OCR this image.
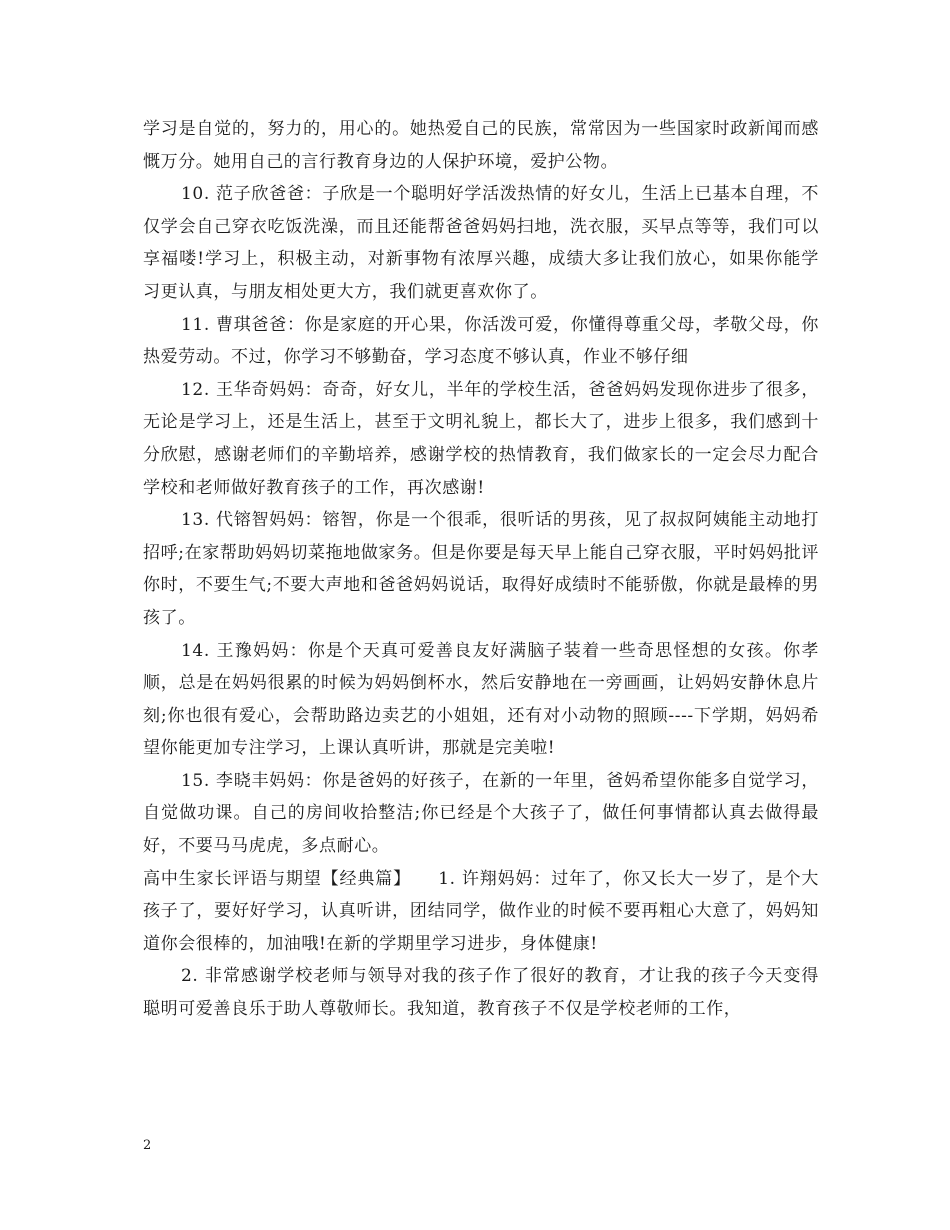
学习是自觉的，努力的，用心的。她热爱自己的民族，常常因为一些国家时政新闻而感慨万分。她用自己的言行教育身边的人保护环境，爱护公物。

10. 范子欣爸爸：子欣是一个聪明好学活泼热情的好女儿，生活上已基本自理，不仅学会自己穿衣吃饭洗澡，而且还能帮爸爸妈妈扫地，洗衣服，买早点等等，我们可以享福喽!学习上，积极主动，对新事物有浓厚兴趣，成绩大多让我们放心，如果你能学习更认真，与朋友相处更大方，我们就更喜欢你了。

11. 曹琪爸爸：你是家庭的开心果，你活泼可爱，你懂得尊重父母，孝敬父母，你热爱劳动。不过，你学习不够勤奋，学习态度不够认真，作业不够仔细

12. 王华奇妈妈：奇奇，好女儿，半年的学校生活，爸爸妈妈发现你进步了很多，无论是学习上，还是生活上，甚至于文明礼貌上，都长大了，进步上很多，我们感到十分欣慰，感谢老师们的辛勤培养，感谢学校的热情教育，我们做家长的一定会尽力配合学校和老师做好教育孩子的工作，再次感谢!

13. 代镕智妈妈：镕智，你是一个很乖，很听话的男孩，见了叔叔阿姨能主动地打招呼;在家帮助妈妈切菜拖地做家务。但是你要是每天早上能自己穿衣服，平时妈妈批评你时，不要生气;不要大声地和爸爸妈妈说话，取得好成绩时不能骄傲，你就是最棒的男孩了。

14. 王豫妈妈：你是个天真可爱善良友好满脑子装着一些奇思怪想的女孩。你孝顺，总是在妈妈很累的时候为妈妈倒杯水，然后安静地在一旁画画，让妈妈安静休息片刻;你也很有爱心，会帮助路边卖艺的小姐姐，还有对小动物的照顾----下学期，妈妈希望你能更加专注学习，上课认真听讲，那就是完美啦!

15. 李晓丰妈妈：你是爸妈的好孩子，在新的一年里，爸妈希望你能多自觉学习，自觉做功课。自己的房间收拾整洁;你已经是个大孩子了，做任何事情都认真去做得最好，不要马马虎虎，多点耐心。

高中生家长评语与期望【经典篇】　　1. 许翔妈妈：过年了，你又长大一岁了，是个大孩子了，要好好学习，认真听讲，团结同学，做作业的时候不要再粗心大意了，妈妈知道你会很棒的，加油哦!在新的学期里学习进步，身体健康!

2. 非常感谢学校老师与领导对我的孩子作了很好的教育，才让我的孩子今天变得聪明可爱善良乐于助人尊敬师长。我知道，教育孩子不仅是学校老师的工作，

2
